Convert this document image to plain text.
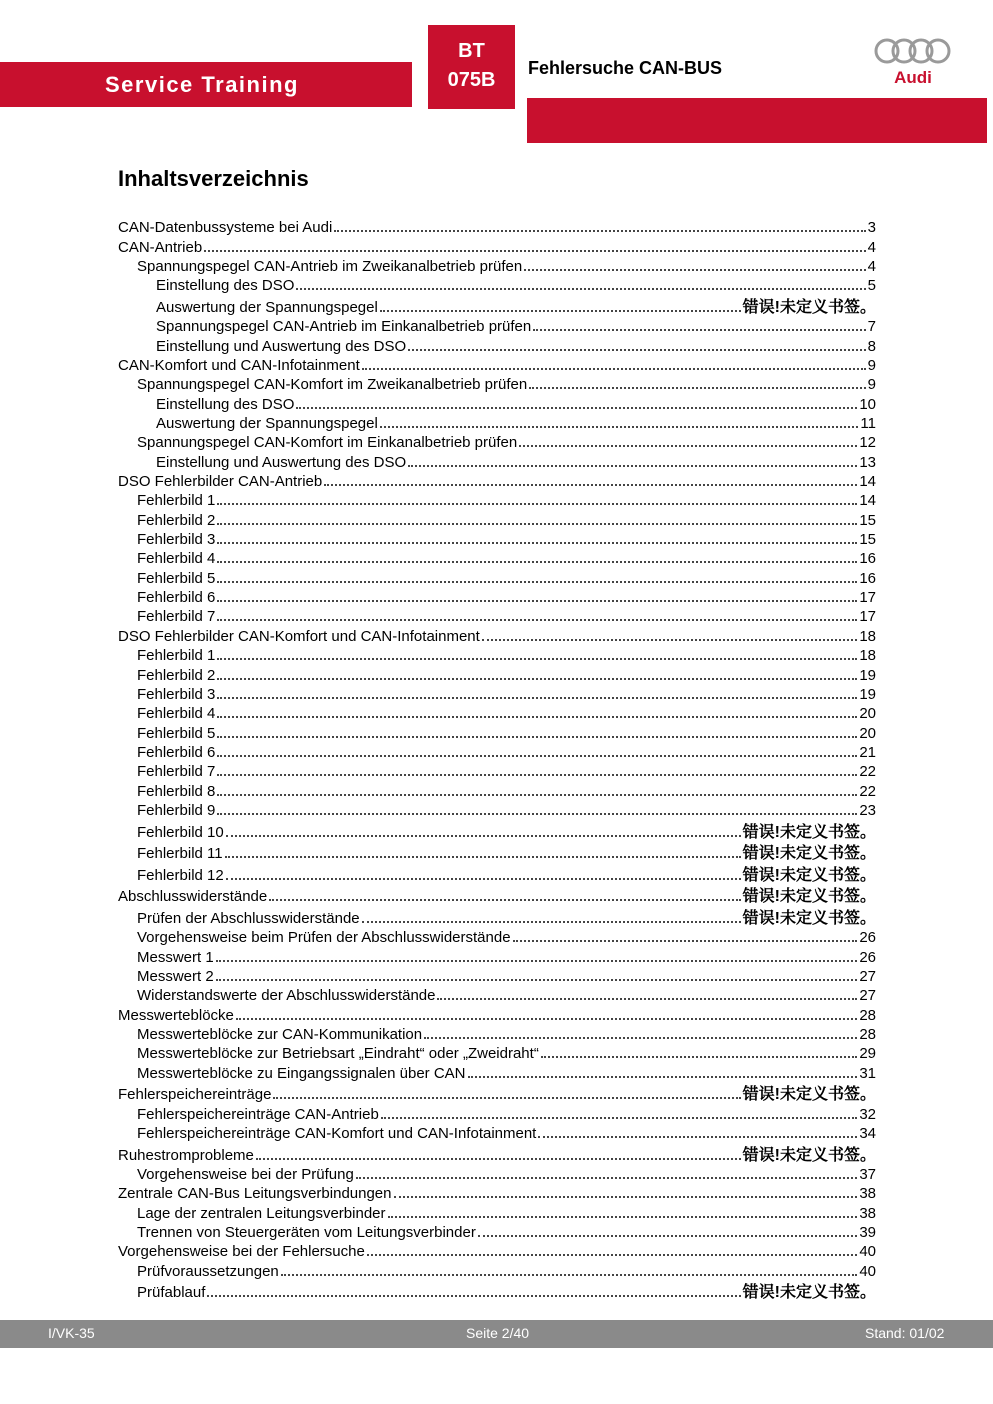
Service Training
BT
075B
Fehlersuche CAN-BUS	Audi
Inhaltsverzeichnis
CAN-Datenbussysteme bei Audi	3
CAN-Antrieb	4
Spannungspegel CAN-Antrieb im Zweikanalbetrieb prüfen	4
Einstellung des DSO	5
Auswertung der Spannungspegel	错误!未定义书签。
Spannungspegel CAN-Antrieb im Einkanalbetrieb prüfen	7
Einstellung und Auswertung des DSO	8
CAN-Komfort und CAN-Infotainment	9
Spannungspegel CAN-Komfort im Zweikanalbetrieb prüfen	9
Einstellung des DSO	10
Auswertung der Spannungspegel	11
Spannungspegel CAN-Komfort im Einkanalbetrieb prüfen	12
Einstellung und Auswertung des DSO	13
DSO Fehlerbilder CAN-Antrieb	14
Fehlerbild 1	14
Fehlerbild 2	15
Fehlerbild 3	15
Fehlerbild 4	16
Fehlerbild 5	16
Fehlerbild 6	17
Fehlerbild 7	17
DSO Fehlerbilder CAN-Komfort und CAN-Infotainment	18
Fehlerbild 1	18
Fehlerbild 2	19
Fehlerbild 3	19
Fehlerbild 4	20
Fehlerbild 5	20
Fehlerbild 6	21
Fehlerbild 7	22
Fehlerbild 8	22
Fehlerbild 9	23
Fehlerbild 10	错误!未定义书签。
Fehlerbild 11	错误!未定义书签。
Fehlerbild 12	错误!未定义书签。
Abschlusswiderstände	错误!未定义书签。
Prüfen der Abschlusswiderstände	错误!未定义书签。
Vorgehensweise beim Prüfen der Abschlusswiderstände	26
Messwert 1	26
Messwert 2	27
Widerstandswerte der Abschlusswiderstände	27
Messwerteblöcke	28
Messwerteblöcke zur CAN-Kommunikation	28
Messwerteblöcke zur Betriebsart „Eindraht“ oder „Zweidraht“	29
Messwerteblöcke zu Eingangssignalen über CAN	31
Fehlerspeichereinträge	错误!未定义书签。
Fehlerspeichereinträge CAN-Antrieb	32
Fehlerspeichereinträge CAN-Komfort und CAN-Infotainment	34
Ruhestromprobleme	错误!未定义书签。
Vorgehensweise bei der Prüfung	37
Zentrale CAN-Bus Leitungsverbindungen	38
Lage der zentralen Leitungsverbinder	38
Trennen von Steuergeräten vom Leitungsverbinder	39
Vorgehensweise bei der Fehlersuche	40
Prüfvoraussetzungen	40
Prüfablauf	错误!未定义书签。
I/VK-35	Seite 2/40	Stand: 01/02
